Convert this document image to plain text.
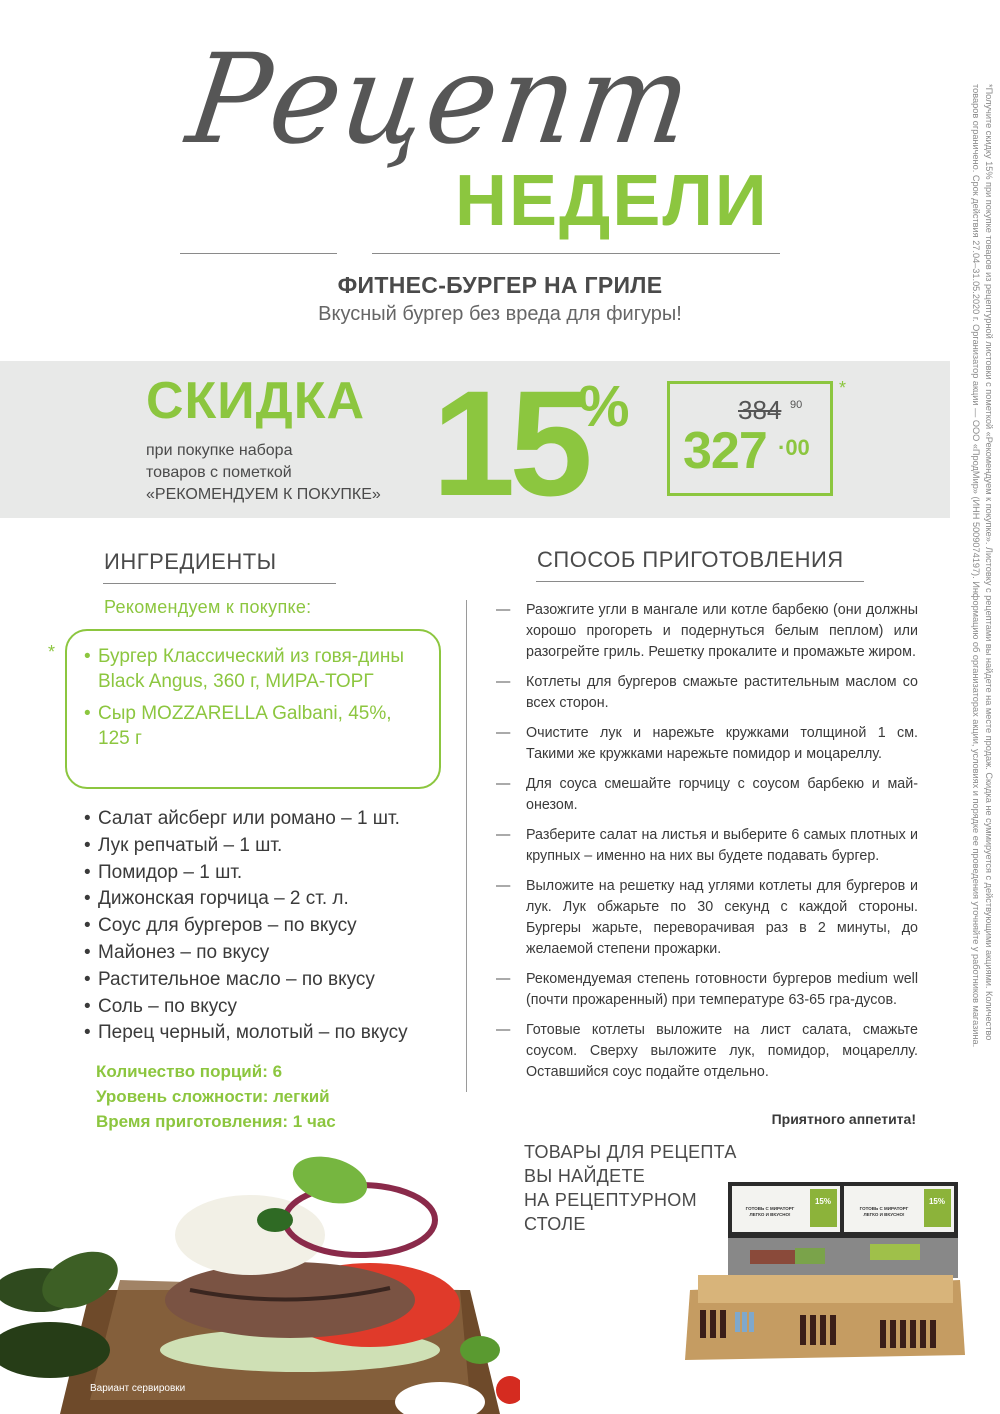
Рецепт
НЕДЕЛИ
ФИТНЕС-БУРГЕР НА ГРИЛЕ
Вкусный бургер без вреда для фигуры!
СКИДКА
при покупке набора
товаров с пометкой
«РЕКОМЕНДУЕМ К ПОКУПКЕ» 15
%	384 90
327 ·00
*
ИНГРЕДИЕНТЫ
Рекомендуем к покупке:
*	• Бургер Классический из говя-дины Black Angus, 360 г, МИРА-ТОРГ
• Сыр MOZZARELLA Galbani, 45%, 125 г
• Салат айсберг или романо – 1 шт.
• Лук репчатый – 1 шт.
• Помидор – 1 шт.
• Дижонская горчица – 2 ст. л.
• Соус для бургеров – по вкусу
• Майонез – по вкусу
• Растительное масло – по вкусу
• Соль – по вкусу
• Перец черный, молотый – по вкусу
Количество порций: 6
Уровень сложности: легкий
Время приготовления: 1 час
СПОСОБ ПРИГОТОВЛЕНИЯ
—	Разожгите угли в мангале или котле барбекю (они должны хорошо прогореть и подернуться белым пеплом) или разогрейте гриль. Решетку прокалите и промажьте жиром.
—	Котлеты для бургеров смажьте растительным маслом со всех сторон.
—	Очистите лук и нарежьте кружками толщиной 1 см. Такими же кружками нарежьте помидор и моцареллу.
—	Для соуса смешайте горчицу с соусом барбекю и май-онезом.
—	Разберите салат на листья и выберите 6 самых плотных и крупных – именно на них вы будете подавать бургер.
—	Выложите на решетку над углями котлеты для бургеров и лук. Лук обжарьте по 30 секунд с каждой стороны. Бургеры жарьте, переворачивая раз в 2 минуты, до желаемой степени прожарки.
—	Рекомендуемая степень готовности бургеров medium well (почти прожаренный) при температуре 63-65 гра-дусов.
—	Готовые котлеты выложите на лист салата, смажьте соусом. Сверху выложите лук, помидор, моцареллу. Оставшийся соус подайте отдельно.
Приятного аппетита!
ТОВАРЫ ДЛЯ РЕЦЕПТА
ВЫ НАЙДЕТЕ
НА РЕЦЕПТУРНОМ
СТОЛЕ
15%	15%
ГОТОВЬ С МИРАТОРГ
ЛЕГКО И ВКУСНО!
ГОТОВЬ С МИРАТОРГ
ЛЕГКО И ВКУСНО!
Вариант сервировки
*Получите скидку 15% при покупке товаров из рецептурной листовки с пометкой «Рекомендуем к покупке». Листовку с рецептами вы найдете на месте продаж. Скидка не суммируется с действующими акциями. Количество
товаров ограничено. Срок действия 27.04–31.05.2020 г. Организатор акции — ООО «ПродМир» (ИНН 5009074197). Информацию об организаторах акции, условиях и порядке ее проведения уточняйте у работников магазина.
